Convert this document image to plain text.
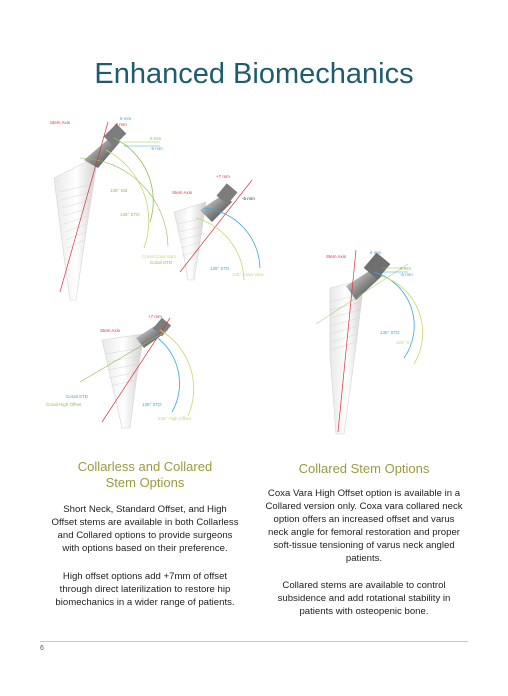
Enhanced Biomechanics
Stem Axis
8 mm
-3 mm
6 mm
-5 mm
135° Std
145° STD
Corail Coxa Vara
Corail STD
Stem Axis
+7 mm
-5 mm
135° STD
125° Coxa Vara
Stem Axis
+7 mm
Corail STD
Corail High Offset	135° STD
135° High Offset
Stem Axis
8 mm
6 mm
-5 mm
135° STD
125° CV
Collarless and Collared
Stem Options

Short Neck, Standard Offset, and High Offset stems are available in both Collarless and Collared options to provide surgeons with options based on their preference.

High offset options add +7mm of offset through direct laterilization to restore hip biomechanics in a wider range of patients.

Collared Stem Options

Coxa Vara High Offset option is available in a Collared version only. Coxa vara collared neck option offers an increased offset and varus neck angle for femoral restoration and proper soft-tissue tensioning of varus neck angled patients.

Collared stems are available to control subsidence and add rotational stability in patients with osteopenic bone.

6
